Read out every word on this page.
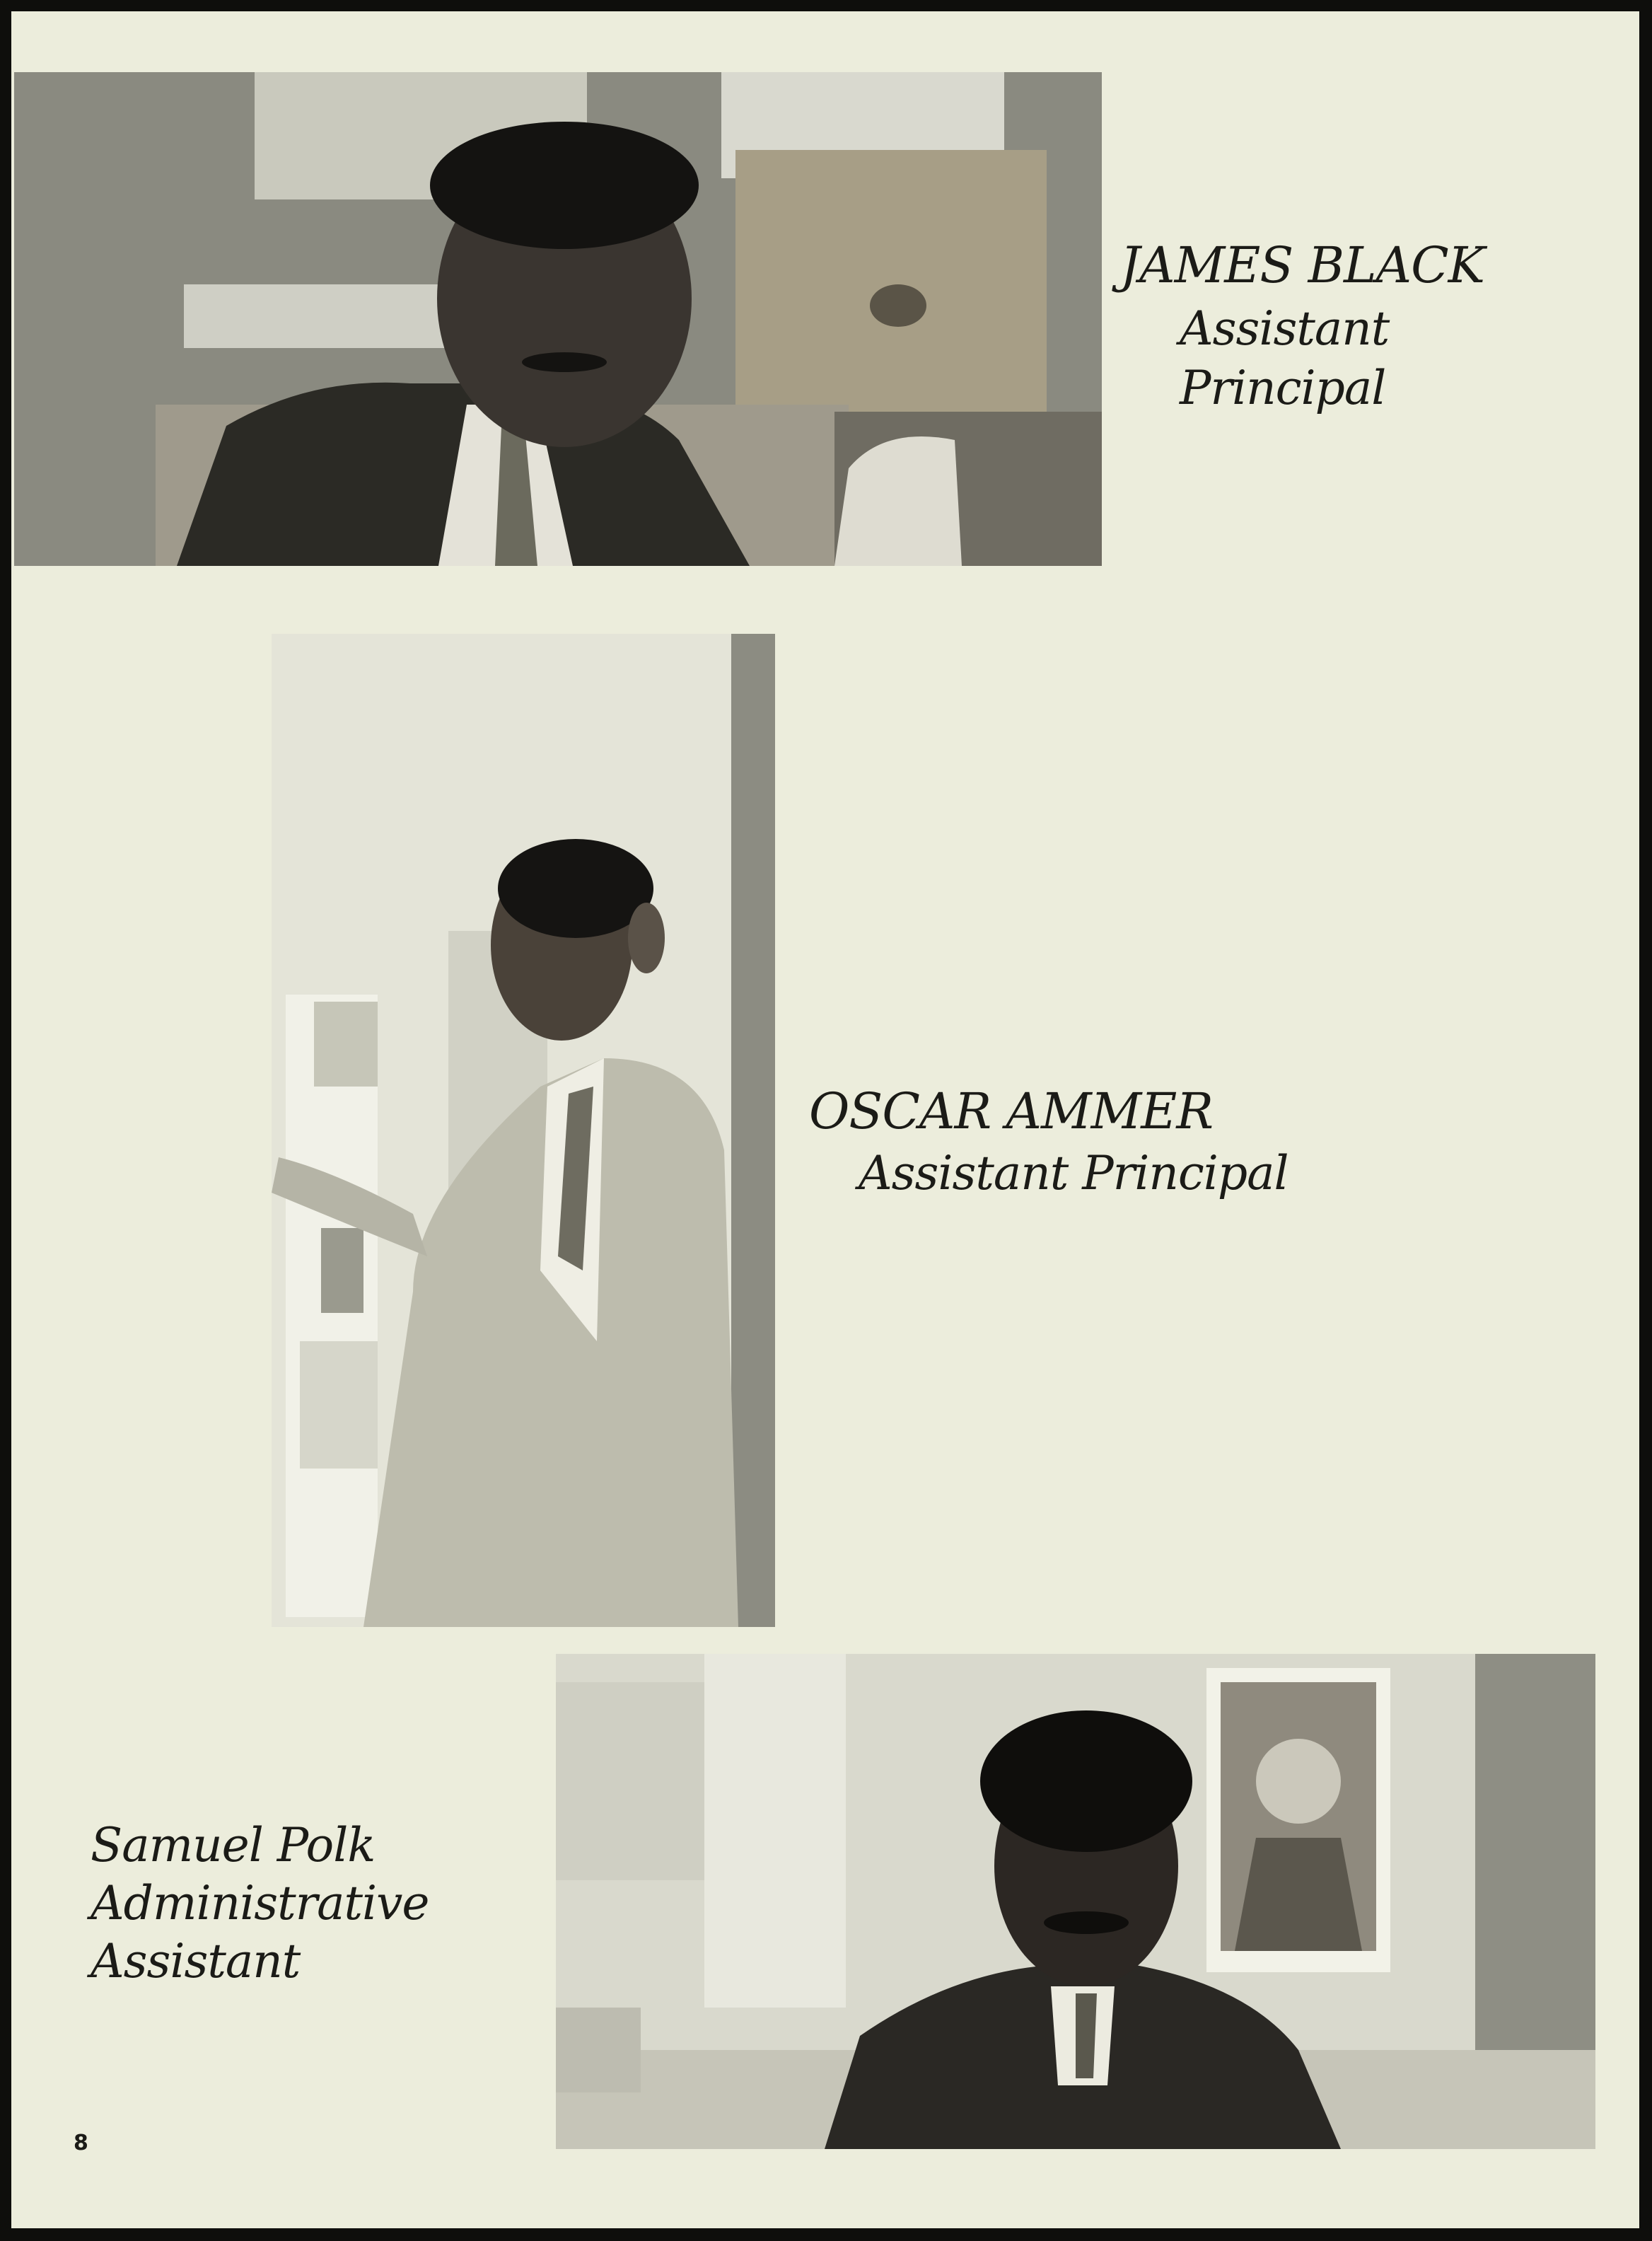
JAMES BLACK
Assistant
Principal
OSCAR AMMER
Assistant Principal
Samuel Polk
Administrative
Assistant
8
